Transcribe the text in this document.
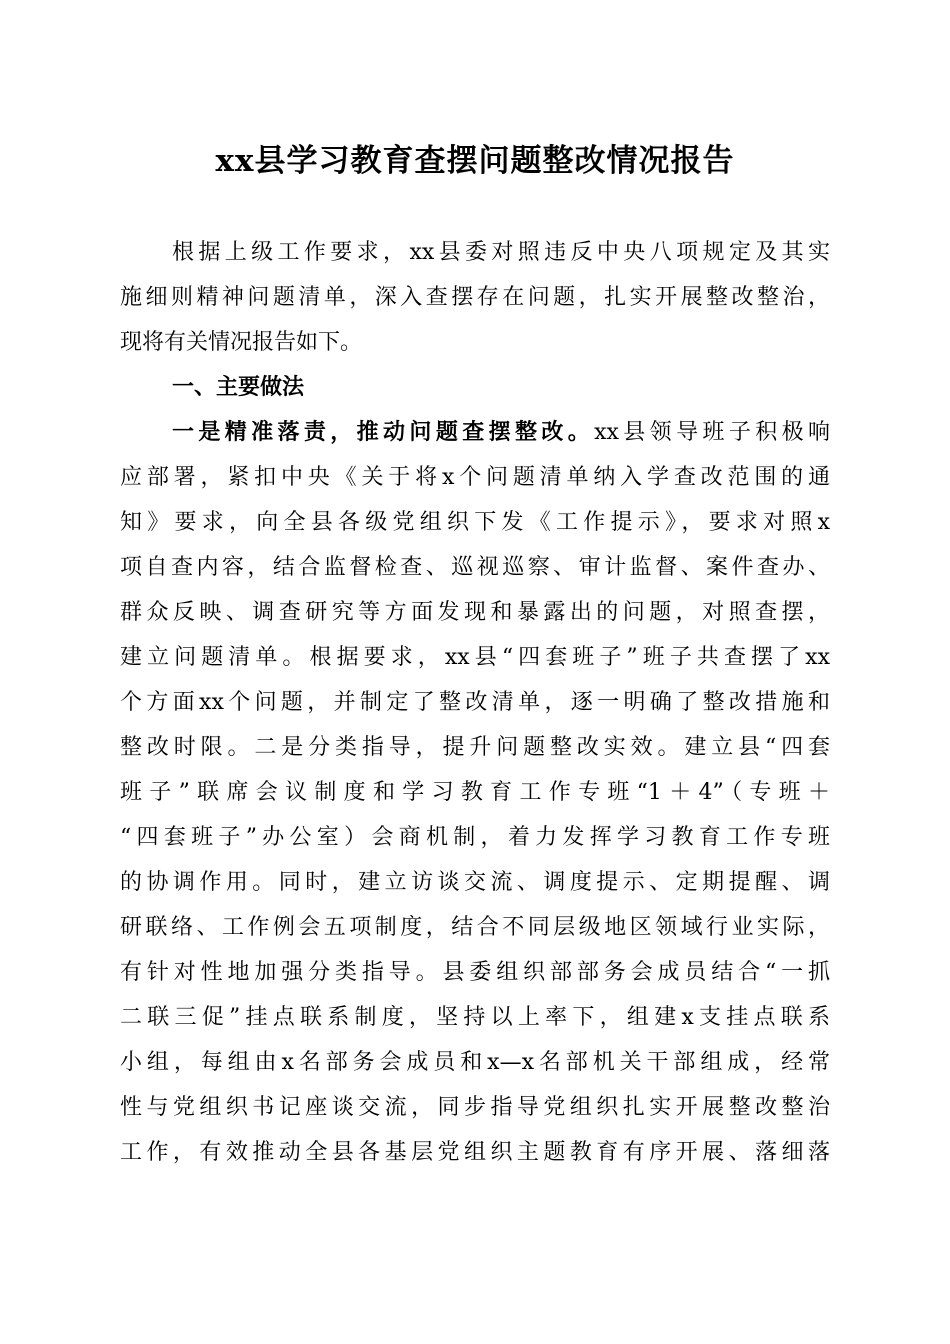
xx县学习教育查摆问题整改情况报告
根据上级工作要求，xx县委对照违反中央八项规定及其实
施细则精神问题清单，深入查摆存在问题，扎实开展整改整治，
现将有关情况报告如下。
一、主要做法
一是精准落责，推动问题查摆整改。xx县领导班子积极响
应部署，紧扣中央《关于将x个问题清单纳入学查改范围的通
知》要求，向全县各级党组织下发《工作提示》，要求对照x
项自查内容，结合监督检查、巡视巡察、审计监督、案件查办、
群众反映、调查研究等方面发现和暴露出的问题，对照查摆，
建立问题清单。根据要求，xx县“四套班子”班子共查摆了xx
个方面xx个问题，并制定了整改清单，逐一明确了整改措施和
整改时限。二是分类指导，提升问题整改实效。建立县“四套
班子”联席会议制度和学习教育工作专班“1＋4”（专班＋
“四套班子”办公室）会商机制，着力发挥学习教育工作专班
的协调作用。同时，建立访谈交流、调度提示、定期提醒、调
研联络、工作例会五项制度，结合不同层级地区领域行业实际，
有针对性地加强分类指导。县委组织部部务会成员结合“一抓
二联三促”挂点联系制度，坚持以上率下，组建x支挂点联系
小组，每组由x名部务会成员和x—x名部机关干部组成，经常
性与党组织书记座谈交流，同步指导党组织扎实开展整改整治
工作，有效推动全县各基层党组织主题教育有序开展、落细落
